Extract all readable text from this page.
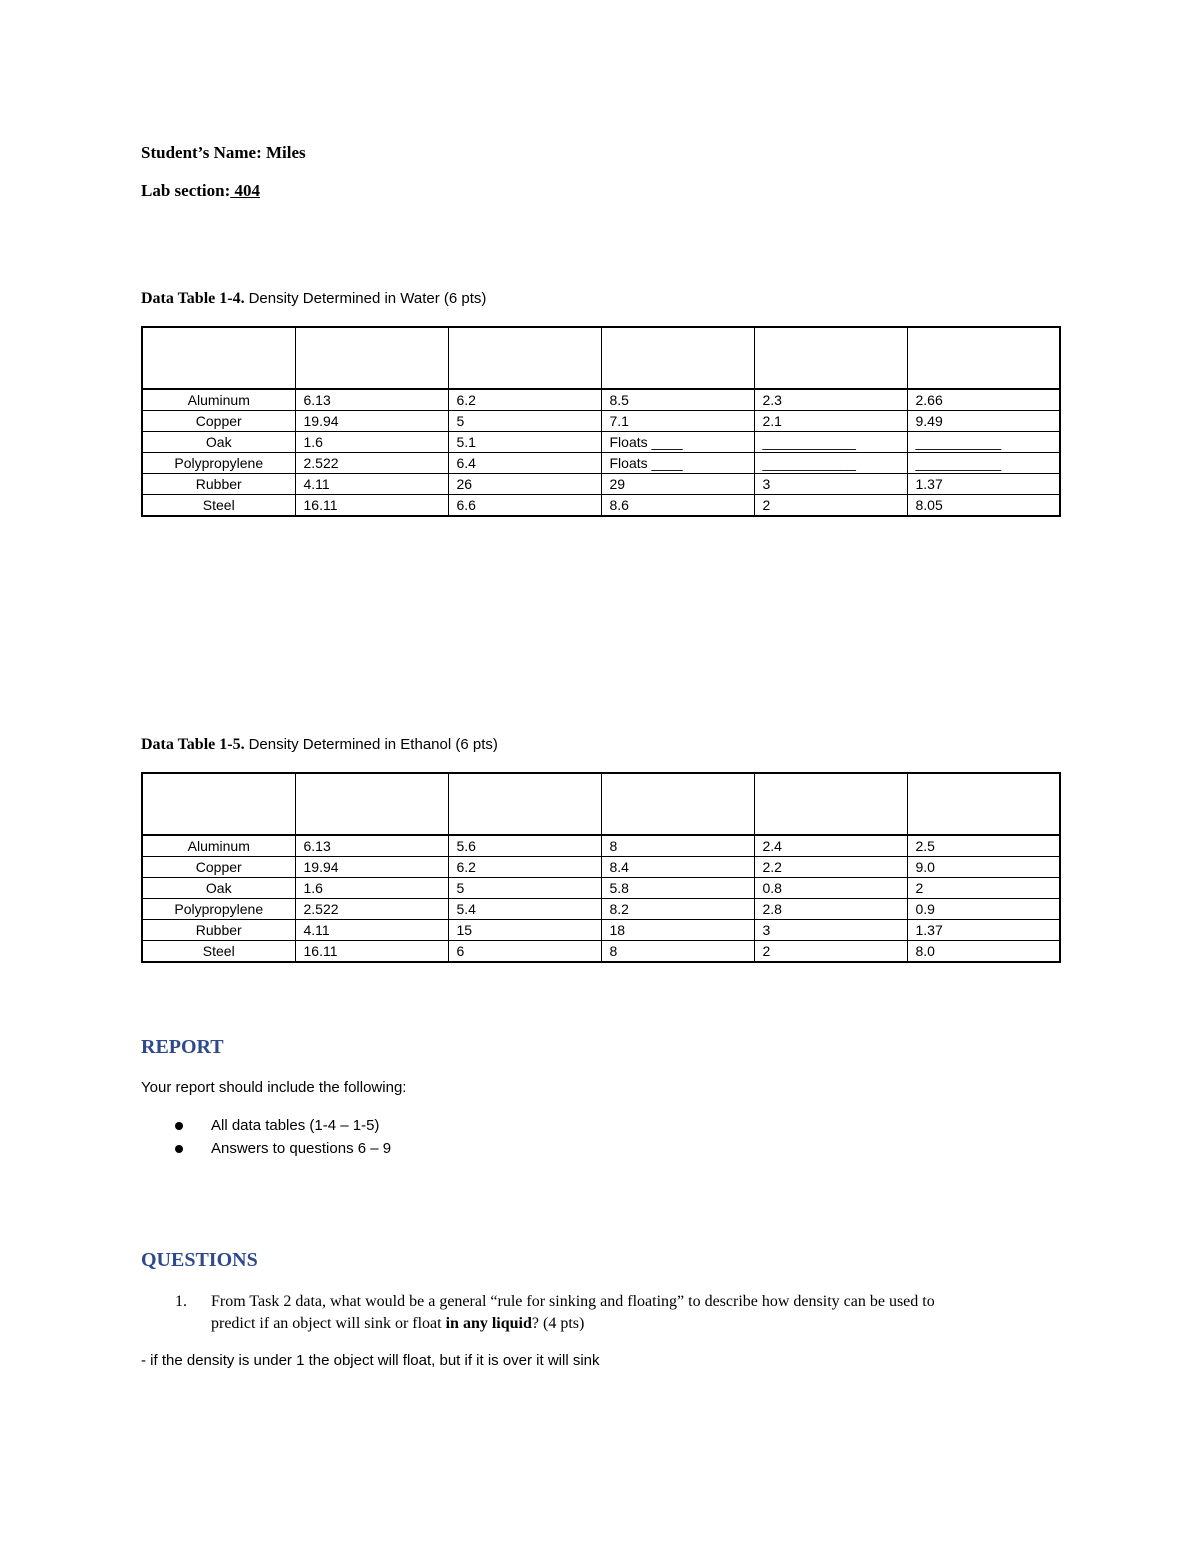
Student’s Name: Miles
Lab section: 404
Data Table 1-4. Density Determined in Water (6 pts)

Aluminum	6.13	6.2	8.5	2.3	2.66
Copper	19.94	5	7.1	2.1	9.49
Oak	1.6	5.1	Floats ____	____________	___________
Polypropylene	2.522	6.4	Floats ____	____________	___________
Rubber	4.11	26	29	3	1.37
Steel	16.11	6.6	8.6	2	8.05
Data Table 1-5. Density Determined in Ethanol (6 pts)

Aluminum	6.13	5.6	8	2.4	2.5
Copper	19.94	6.2	8.4	2.2	9.0
Oak	1.6	5	5.8	0.8	2
Polypropylene	2.522	5.4	8.2	2.8	0.9
Rubber	4.11	15	18	3	1.37
Steel	16.11	6	8	2	8.0
REPORT
Your report should include the following:
All data tables (1-4 – 1-5)
Answers to questions 6 – 9
QUESTIONS
1. From Task 2 data, what would be a general “rule for sinking and floating” to describe how density can be used to
predict if an object will sink or float in any liquid? (4 pts)
- if the density is under 1 the object will float, but if it is over it will sink
